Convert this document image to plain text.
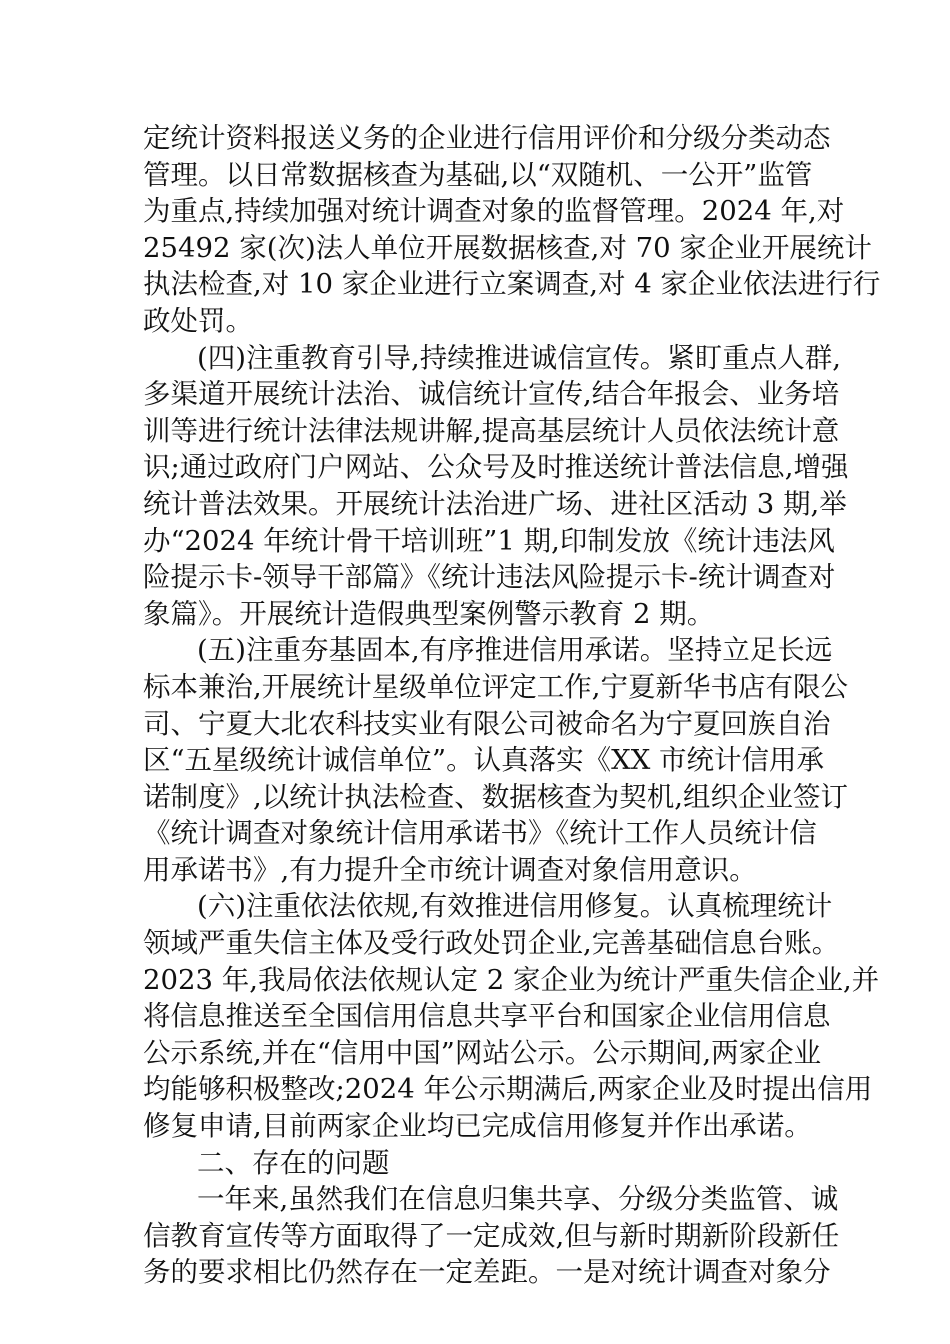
定统计资料报送义务的企业进行信用评价和分级分类动态
管理。以日常数据核查为基础,以“双随机、一公开”监管
为重点,持续加强对统计调查对象的监督管理。2024 年,对
25492 家(次)法人单位开展数据核查,对 70 家企业开展统计
执法检查,对 10 家企业进行立案调查,对 4 家企业依法进行行
政处罚。
(四)注重教育引导,持续推进诚信宣传。紧盯重点人群,
多渠道开展统计法治、诚信统计宣传,结合年报会、业务培
训等进行统计法律法规讲解,提高基层统计人员依法统计意
识;通过政府门户网站、公众号及时推送统计普法信息,增强
统计普法效果。开展统计法治进广场、进社区活动 3 期,举
办“2024 年统计骨干培训班”1 期,印制发放《统计违法风
险提示卡-领导干部篇》《统计违法风险提示卡-统计调查对
象篇》。开展统计造假典型案例警示教育 2 期。
(五)注重夯基固本,有序推进信用承诺。坚持立足长远
标本兼治,开展统计星级单位评定工作,宁夏新华书店有限公
司、宁夏大北农科技实业有限公司被命名为宁夏回族自治
区“五星级统计诚信单位”。认真落实《XX 市统计信用承
诺制度》,以统计执法检查、数据核查为契机,组织企业签订
《统计调查对象统计信用承诺书》《统计工作人员统计信
用承诺书》,有力提升全市统计调查对象信用意识。
(六)注重依法依规,有效推进信用修复。认真梳理统计
领域严重失信主体及受行政处罚企业,完善基础信息台账。
2023 年,我局依法依规认定 2 家企业为统计严重失信企业,并
将信息推送至全国信用信息共享平台和国家企业信用信息
公示系统,并在“信用中国”网站公示。公示期间,两家企业
均能够积极整改;2024 年公示期满后,两家企业及时提出信用
修复申请,目前两家企业均已完成信用修复并作出承诺。
二、存在的问题
一年来,虽然我们在信息归集共享、分级分类监管、诚
信教育宣传等方面取得了一定成效,但与新时期新阶段新任
务的要求相比仍然存在一定差距。一是对统计调查对象分
